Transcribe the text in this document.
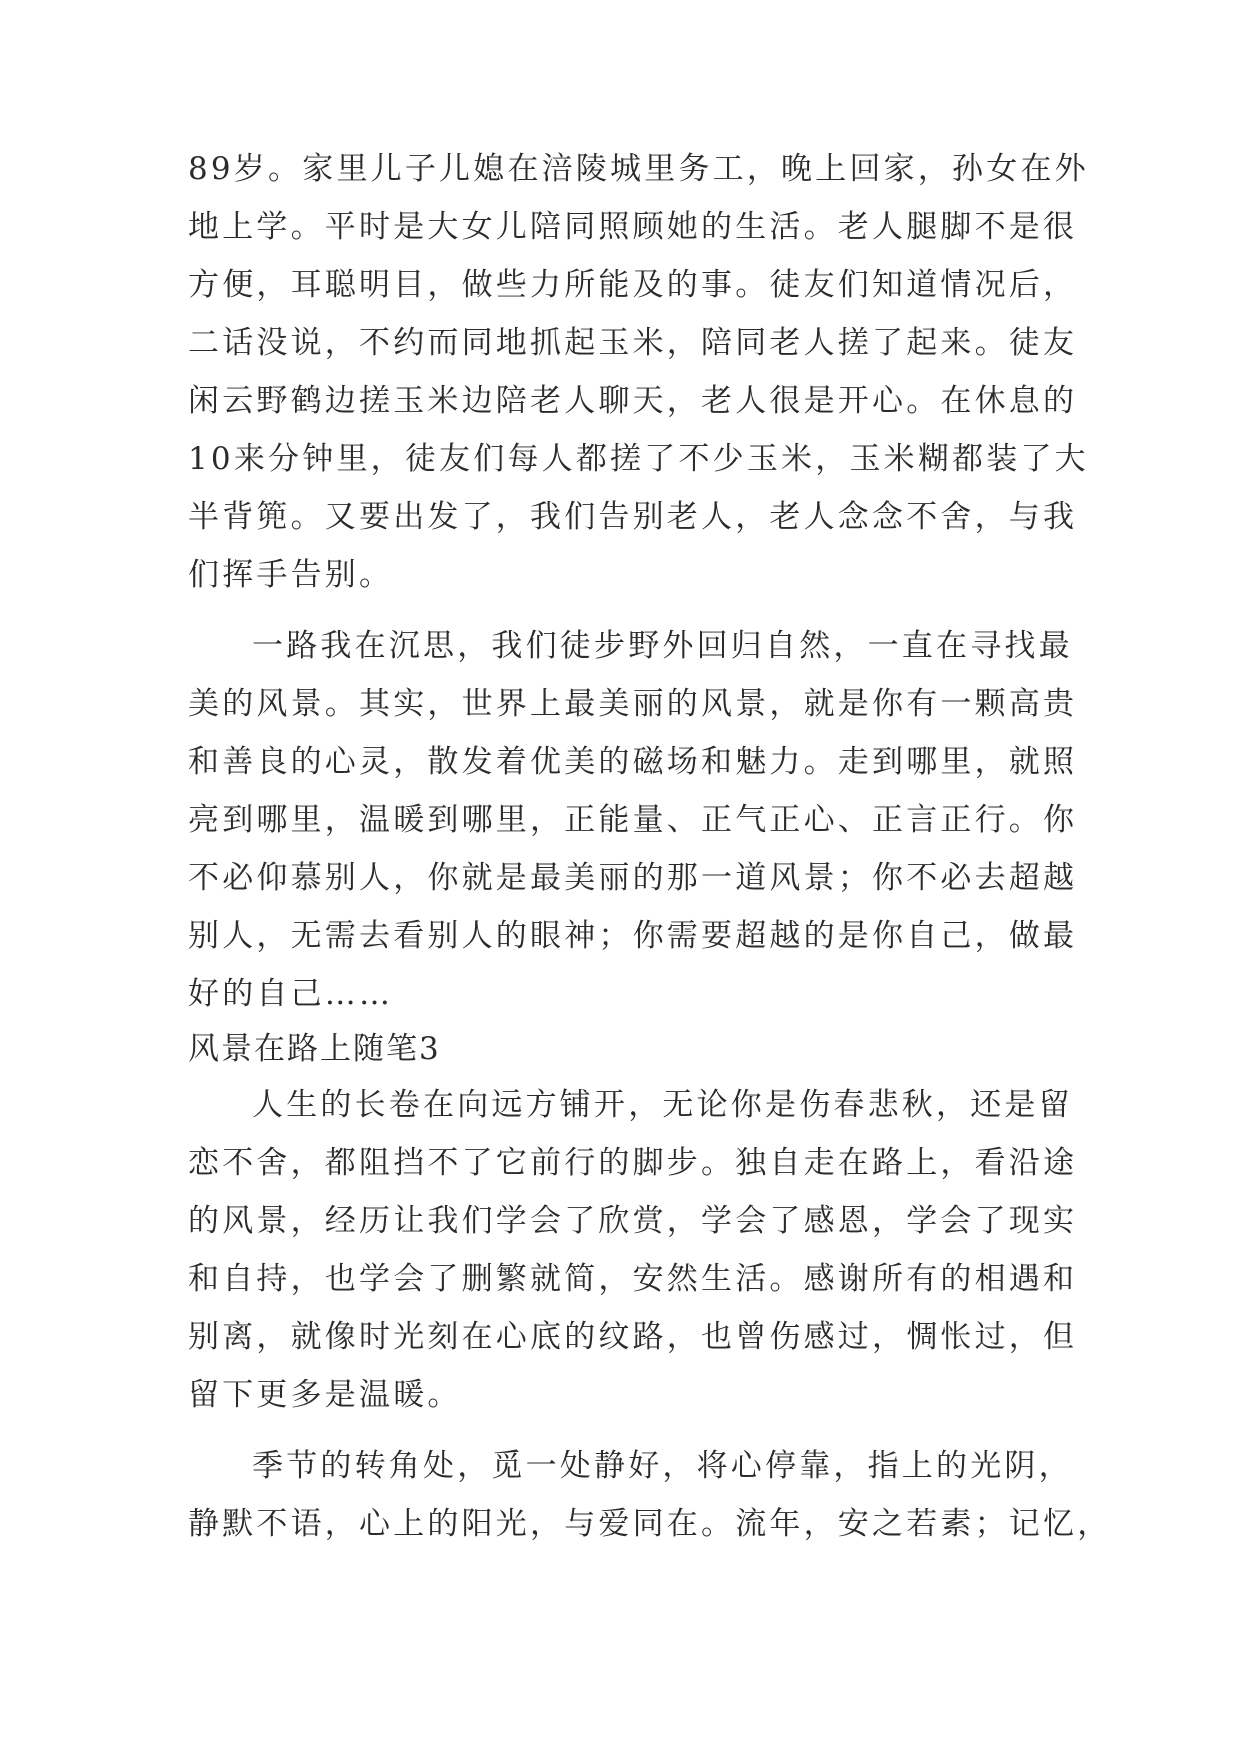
89岁。家里儿子儿媳在涪陵城里务工，晚上回家，孙女在外
地上学。平时是大女儿陪同照顾她的生活。老人腿脚不是很
方便，耳聪明目，做些力所能及的事。徒友们知道情况后，
二话没说，不约而同地抓起玉米，陪同老人搓了起来。徒友
闲云野鹤边搓玉米边陪老人聊天，老人很是开心。在休息的
10来分钟里，徒友们每人都搓了不少玉米，玉米糊都装了大
半背篼。又要出发了，我们告别老人，老人念念不舍，与我
们挥手告别。
一路我在沉思，我们徒步野外回归自然，一直在寻找最
美的风景。其实，世界上最美丽的风景，就是你有一颗高贵
和善良的心灵，散发着优美的磁场和魅力。走到哪里，就照
亮到哪里，温暖到哪里，正能量、正气正心、正言正行。你
不必仰慕别人，你就是最美丽的那一道风景；你不必去超越
别人，无需去看别人的眼神；你需要超越的是你自己，做最
好的自己……
风景在路上随笔3
人生的长卷在向远方铺开，无论你是伤春悲秋，还是留
恋不舍，都阻挡不了它前行的脚步。独自走在路上，看沿途
的风景，经历让我们学会了欣赏，学会了感恩，学会了现实
和自持，也学会了删繁就简，安然生活。感谢所有的相遇和
别离，就像时光刻在心底的纹路，也曾伤感过，惆怅过，但
留下更多是温暖。
季节的转角处，觅一处静好，将心停靠，指上的光阴，
静默不语，心上的阳光，与爱同在。流年，安之若素；记忆，
